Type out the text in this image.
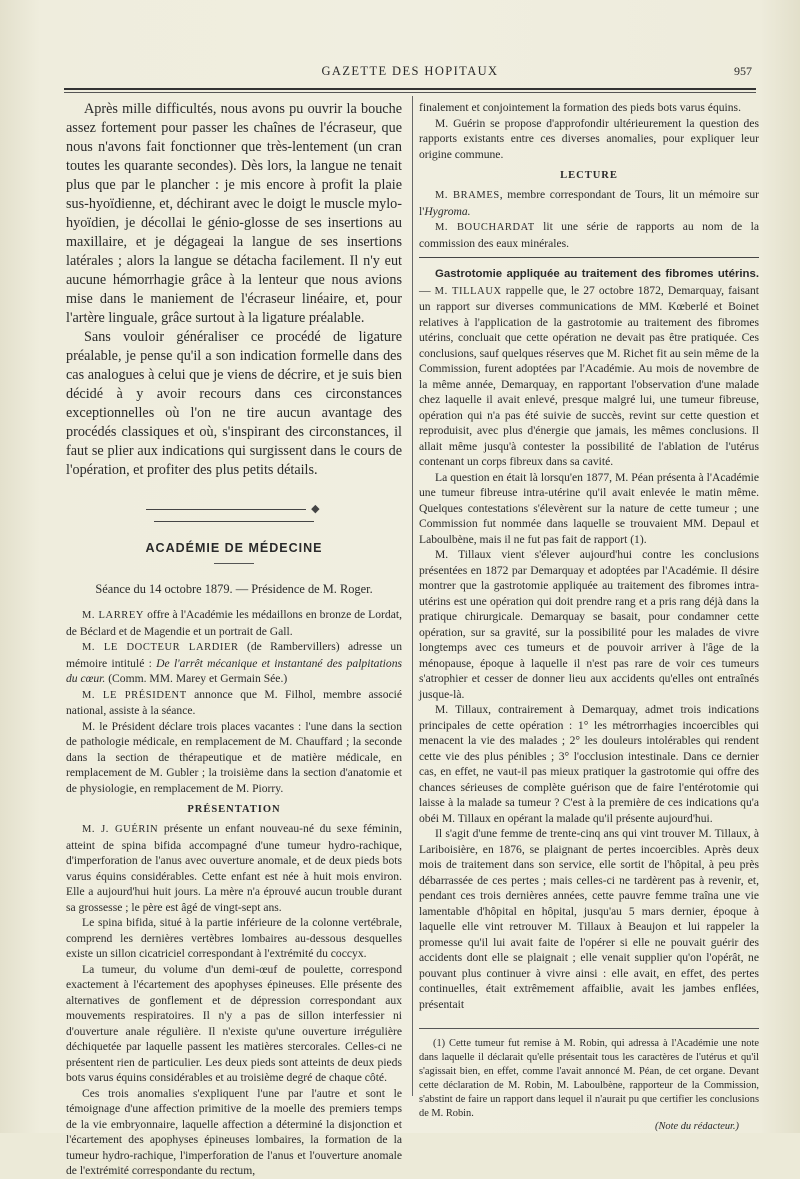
GAZETTE DES HOPITAUX	957

Après mille difficultés, nous avons pu ouvrir la bouche assez fortement pour passer les chaînes de l'écraseur, que nous n'avons fait fonctionner que très-lentement (un cran toutes les quarante secondes). Dès lors, la langue ne tenait plus que par le plancher : je mis encore à profit la plaie sus-hyoïdienne, et, déchirant avec le doigt le muscle mylo-hyoïdien, je décollai le génio-glosse de ses insertions au maxillaire, et je dégageai la langue de ses insertions latérales ; alors la langue se détacha facilement. Il n'y eut aucune hémorrhagie grâce à la lenteur que nous avions mise dans le maniement de l'écraseur linéaire, et, pour l'artère linguale, grâce surtout à la ligature préalable.

Sans vouloir généraliser ce procédé de ligature préalable, je pense qu'il a son indication formelle dans des cas analogues à celui que je viens de décrire, et je suis bien décidé à y avoir recours dans ces circonstances exceptionnelles où l'on ne tire aucun avantage des procédés classiques et où, s'inspirant des circonstances, il faut se plier aux indications qui surgissent dans le cours de l'opération, et profiter des plus petits détails.

◆
ACADÉMIE DE MÉDECINE
Séance du 14 octobre 1879. — Présidence de M. Roger.

M. LARREY offre à l'Académie les médaillons en bronze de Lordat, de Béclard et de Magendie et un portrait de Gall.

M. LE DOCTEUR LARDIER (de Rambervillers) adresse un mémoire intitulé : De l'arrêt mécanique et instantané des palpitations du cœur. (Comm. MM. Marey et Germain Sée.)

M. LE PRÉSIDENT annonce que M. Filhol, membre associé national, assiste à la séance.

M. le Président déclare trois places vacantes : l'une dans la section de pathologie médicale, en remplacement de M. Chauffard ; la seconde dans la section de thérapeutique et de matière médicale, en remplacement de M. Gubler ; la troisième dans la section d'anatomie et de physiologie, en remplacement de M. Piorry.

PRÉSENTATION

M. J. GUÉRIN présente un enfant nouveau-né du sexe féminin, atteint de spina bifida accompagné d'une tumeur hydro-rachique, d'imperforation de l'anus avec ouverture anomale, et de deux pieds bots varus équins considérables. Cette enfant est née à huit mois environ. Elle a aujourd'hui huit jours. La mère n'a éprouvé aucun trouble durant sa grossesse ; le père est âgé de vingt-sept ans.

Le spina bifida, situé à la partie inférieure de la colonne vertébrale, comprend les dernières vertèbres lombaires au-dessous desquelles existe un sillon cicatriciel correspondant à l'extrémité du coccyx.

La tumeur, du volume d'un demi-œuf de poulette, correspond exactement à l'écartement des apophyses épineuses. Elle présente des alternatives de gonflement et de dépression correspondant aux mouvements respiratoires. Il n'y a pas de sillon interfessier ni d'ouverture anale régulière. Il n'existe qu'une ouverture irrégulière déchiquetée par laquelle passent les matières stercorales. Celles-ci ne présentent rien de particulier. Les deux pieds sont atteints de deux pieds bots varus équins considérables et au troisième degré de chaque côté.

Ces trois anomalies s'expliquent l'une par l'autre et sont le témoignage d'une affection primitive de la moelle des premiers temps de la vie embryonnaire, laquelle affection a déterminé la disjonction et l'écartement des apophyses épineuses lombaires, la formation de la tumeur hydro-rachique, l'imperforation de l'anus et l'ouverture anomale de l'extrémité correspondante du rectum,

finalement et conjointement la formation des pieds bots varus équins.

M. Guérin se propose d'approfondir ultérieurement la question des rapports existants entre ces diverses anomalies, pour expliquer leur origine commune.

LECTURE

M. BRAMES, membre correspondant de Tours, lit un mémoire sur l'Hygroma.

M. BOUCHARDAT lit une série de rapports au nom de la commission des eaux minérales.

Gastrotomie appliquée au traitement des fibromes utérins. — M. TILLAUX rappelle que, le 27 octobre 1872, Demarquay, faisant un rapport sur diverses communications de MM. Kœberlé et Boinet relatives à l'application de la gastrotomie au traitement des fibromes utérins, concluait que cette opération ne devait pas être pratiquée. Ces conclusions, sauf quelques réserves que M. Richet fit au sein même de la Commission, furent adoptées par l'Académie. Au mois de novembre de la même année, Demarquay, en rapportant l'observation d'une malade chez laquelle il avait enlevé, presque malgré lui, une tumeur fibreuse, opération qui n'a pas été suivie de succès, revint sur cette question et reproduisit, avec plus d'énergie que jamais, les mêmes conclusions. Il allait même jusqu'à contester la possibilité de l'ablation de l'utérus contenant un corps fibreux dans sa cavité.

La question en était là lorsqu'en 1877, M. Péan présenta à l'Académie une tumeur fibreuse intra-utérine qu'il avait enlevée le matin même. Quelques contestations s'élevèrent sur la nature de cette tumeur ; une Commission fut nommée dans laquelle se trouvaient MM. Depaul et Laboulbène, mais il ne fut pas fait de rapport (1).

M. Tillaux vient s'élever aujourd'hui contre les conclusions présentées en 1872 par Demarquay et adoptées par l'Académie. Il désire montrer que la gastrotomie appliquée au traitement des fibromes intra-utérins est une opération qui doit prendre rang et a pris rang déjà dans la pratique chirurgicale. Demarquay se basait, pour condamner cette opération, sur sa gravité, sur la possibilité pour les malades de vivre longtemps avec ces tumeurs et de pouvoir arriver à l'âge de la ménopause, époque à laquelle il n'est pas rare de voir ces tumeurs s'atrophier et cesser de donner lieu aux accidents qu'elles ont entraînés jusque-là.

M. Tillaux, contrairement à Demarquay, admet trois indications principales de cette opération : 1° les métrorrhagies incoercibles qui menacent la vie des malades ; 2° les douleurs intolérables qui rendent cette vie des plus pénibles ; 3° l'occlusion intestinale. Dans ce dernier cas, en effet, ne vaut-il pas mieux pratiquer la gastrotomie qui offre des chances sérieuses de complète guérison que de faire l'entérotomie qui laisse à la malade sa tumeur ? C'est à la première de ces indications qu'a obéi M. Tillaux en opérant la malade qu'il présente aujourd'hui.

Il s'agit d'une femme de trente-cinq ans qui vint trouver M. Tillaux, à Lariboisière, en 1876, se plaignant de pertes incoercibles. Après deux mois de traitement dans son service, elle sortit de l'hôpital, à peu près débarrassée de ces pertes ; mais celles-ci ne tardèrent pas à revenir, et, pendant ces trois dernières années, cette pauvre femme traîna une vie lamentable d'hôpital en hôpital, jusqu'au 5 mars dernier, époque à laquelle elle vint retrouver M. Tillaux à Beaujon et lui rappeler la promesse qu'il lui avait faite de l'opérer si elle ne pouvait guérir des accidents dont elle se plaignait ; elle venait supplier qu'on l'opérât, ne pouvant plus continuer à vivre ainsi : elle avait, en effet, des pertes continuelles, était extrêmement affaiblie, avait les jambes enflées, présentait

(1) Cette tumeur fut remise à M. Robin, qui adressa à l'Académie une note dans laquelle il déclarait qu'elle présentait tous les caractères de l'utérus et qu'il s'agissait bien, en effet, comme l'avait annoncé M. Péan, de cet organe. Devant cette déclaration de M. Robin, M. Laboulbène, rapporteur de la Commission, s'abstint de faire un rapport dans lequel il n'aurait pu que certifier les conclusions de M. Robin.

(Note du rédacteur.)
